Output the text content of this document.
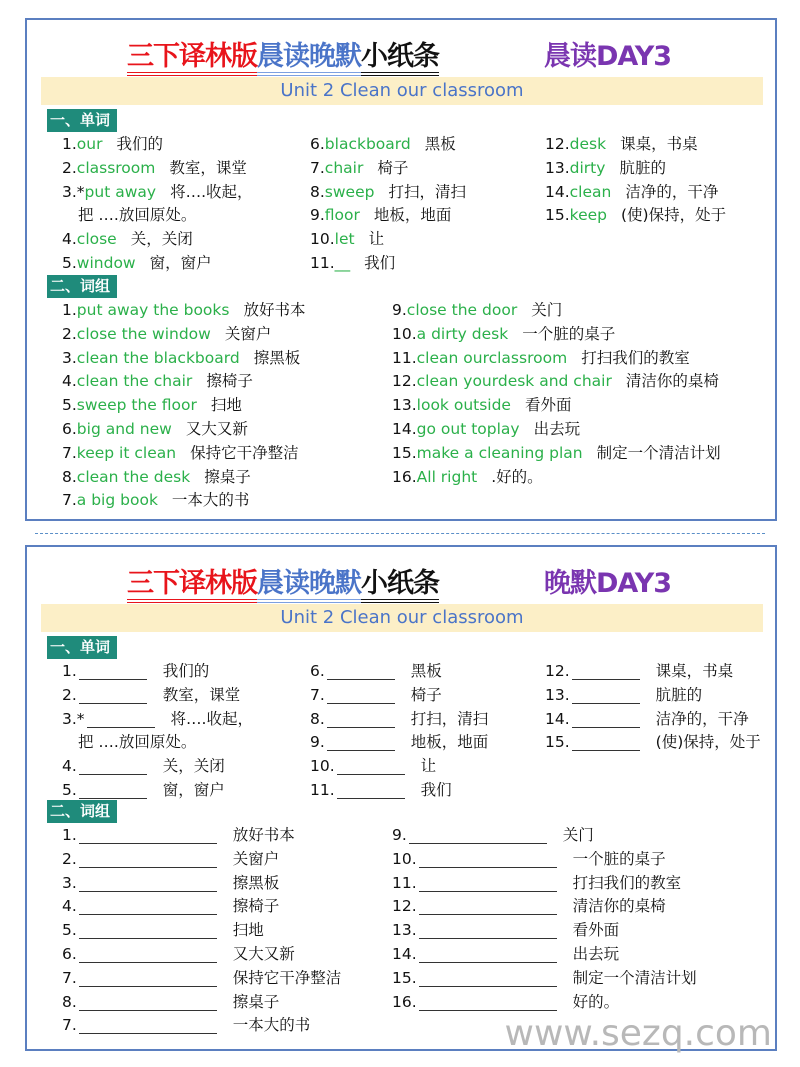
三下译林版晨读晚默小纸条	晨读DAY3
Unit 2 Clean our classroom
一、单词
二、词组
1.our 我们的	6.blackboard 黑板	12.desk 课桌，书桌
2.classroom 教室，课堂	7.chair 椅子	13.dirty 肮脏的
3.*put away 将….收起，	8.sweep 打扫，清扫	14.clean 洁净的，干净
把 ….放回原处。	9.floor 地板，地面	15.keep (使)保持，处于
4.close 关，关闭	10.let 让
5.window 窗，窗户	11.__ 我们
1.put away the books 放好书本	9.close the door 关门
2.close the window 关窗户	10.a dirty desk 一个脏的桌子
3.clean the blackboard 擦黑板	11.clean ourclassroom 打扫我们的教室
4.clean the chair 擦椅子	12.clean yourdesk and chair 清洁你的桌椅
5.sweep the floor 扫地	13.look outside 看外面
6.big and new 又大又新	14.go out toplay 出去玩
7.keep it clean 保持它干净整洁	15.make a cleaning plan 制定一个清洁计划
8.clean the desk 擦桌子	16.All right .好的。
7.a big book 一本大的书
三下译林版晨读晚默小纸条	晚默DAY3
Unit 2 Clean our classroom
一、单词
二、词组
1.	我们的	6.	黑板	12.	课桌，书桌
2.	教室，课堂	7.	椅子	13.	肮脏的
3.*	将….收起，	8.	打扫，清扫	14.	洁净的，干净
把 ….放回原处。	9.	地板，地面	15.	(使)保持，处于
4.	关，关闭	10.	让
5.	窗，窗户	11.	我们
1.	放好书本	9.	关门
2.	关窗户	10.	一个脏的桌子
3.	擦黑板	11.	打扫我们的教室
4.	擦椅子	12.	清洁你的桌椅
5.	扫地	13.	看外面
6.	又大又新	14.	出去玩
7.	保持它干净整洁	15.	制定一个清洁计划
8.	擦桌子	16.	好的。
7.	一本大的书	www.sezq.com
